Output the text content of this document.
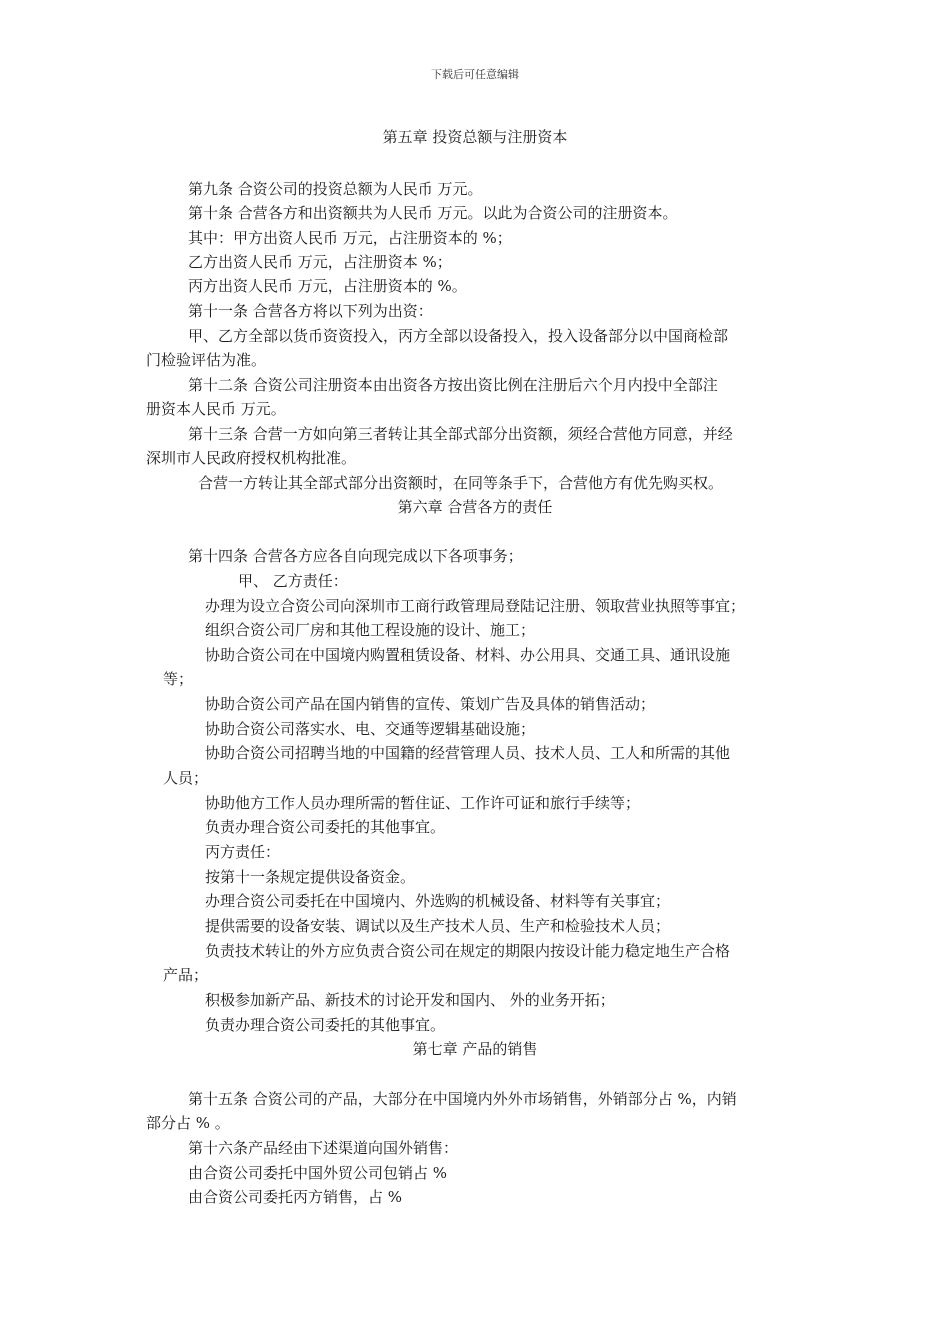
下载后可任意编辑
第五章 投资总额与注册资本
第九条 合资公司的投资总额为人民币 万元。
第十条 合营各方和出资额共为人民币 万元。以此为合资公司的注册资本。
其中：甲方出资人民币 万元，占注册资本的 %；
乙方出资人民币 万元，占注册资本 %；
丙方出资人民币 万元，占注册资本的 %。
第十一条 合营各方将以下列为出资：
甲、乙方全部以货币资资投入，丙方全部以设备投入，投入设备部分以中国商检部
门检验评估为准。
第十二条 合资公司注册资本由出资各方按出资比例在注册后六个月内投中全部注
册资本人民币 万元。
第十三条 合营一方如向第三者转让其全部式部分出资额，须经合营他方同意，并经
深圳市人民政府授权机构批准。
合营一方转让其全部式部分出资额时，在同等条手下，合营他方有优先购买权。
第六章 合营各方的责任
第十四条 合营各方应各自向现完成以下各项事务；
甲、 乙方责任：
办理为设立合资公司向深圳市工商行政管理局登陆记注册、领取营业执照等事宜；
组织合资公司厂房和其他工程设施的设计、施工；
协助合资公司在中国境内购置租赁设备、材料、办公用具、交通工具、通讯设施
等；
协助合资公司产品在国内销售的宣传、策划广告及具体的销售活动；
协助合资公司落实水、电、交通等逻辑基础设施；
协助合资公司招聘当地的中国籍的经营管理人员、技术人员、工人和所需的其他
人员；
协助他方工作人员办理所需的暂住证、工作许可证和旅行手续等；
负责办理合资公司委托的其他事宜。
丙方责任：
按第十一条规定提供设备资金。
办理合资公司委托在中国境内、外选购的机械设备、材料等有关事宜；
提供需要的设备安装、调试以及生产技术人员、生产和检验技术人员；
负责技术转让的外方应负责合资公司在规定的期限内按设计能力稳定地生产合格
产品；
积极参加新产品、新技术的讨论开发和国内、 外的业务开拓；
负责办理合资公司委托的其他事宜。
第七章 产品的销售
第十五条 合资公司的产品，大部分在中国境内外外市场销售，外销部分占 %，内销
部分占 % 。
第十六条产品经由下述渠道向国外销售：
由合资公司委托中国外贸公司包销占 %
由合资公司委托丙方销售，占 %
